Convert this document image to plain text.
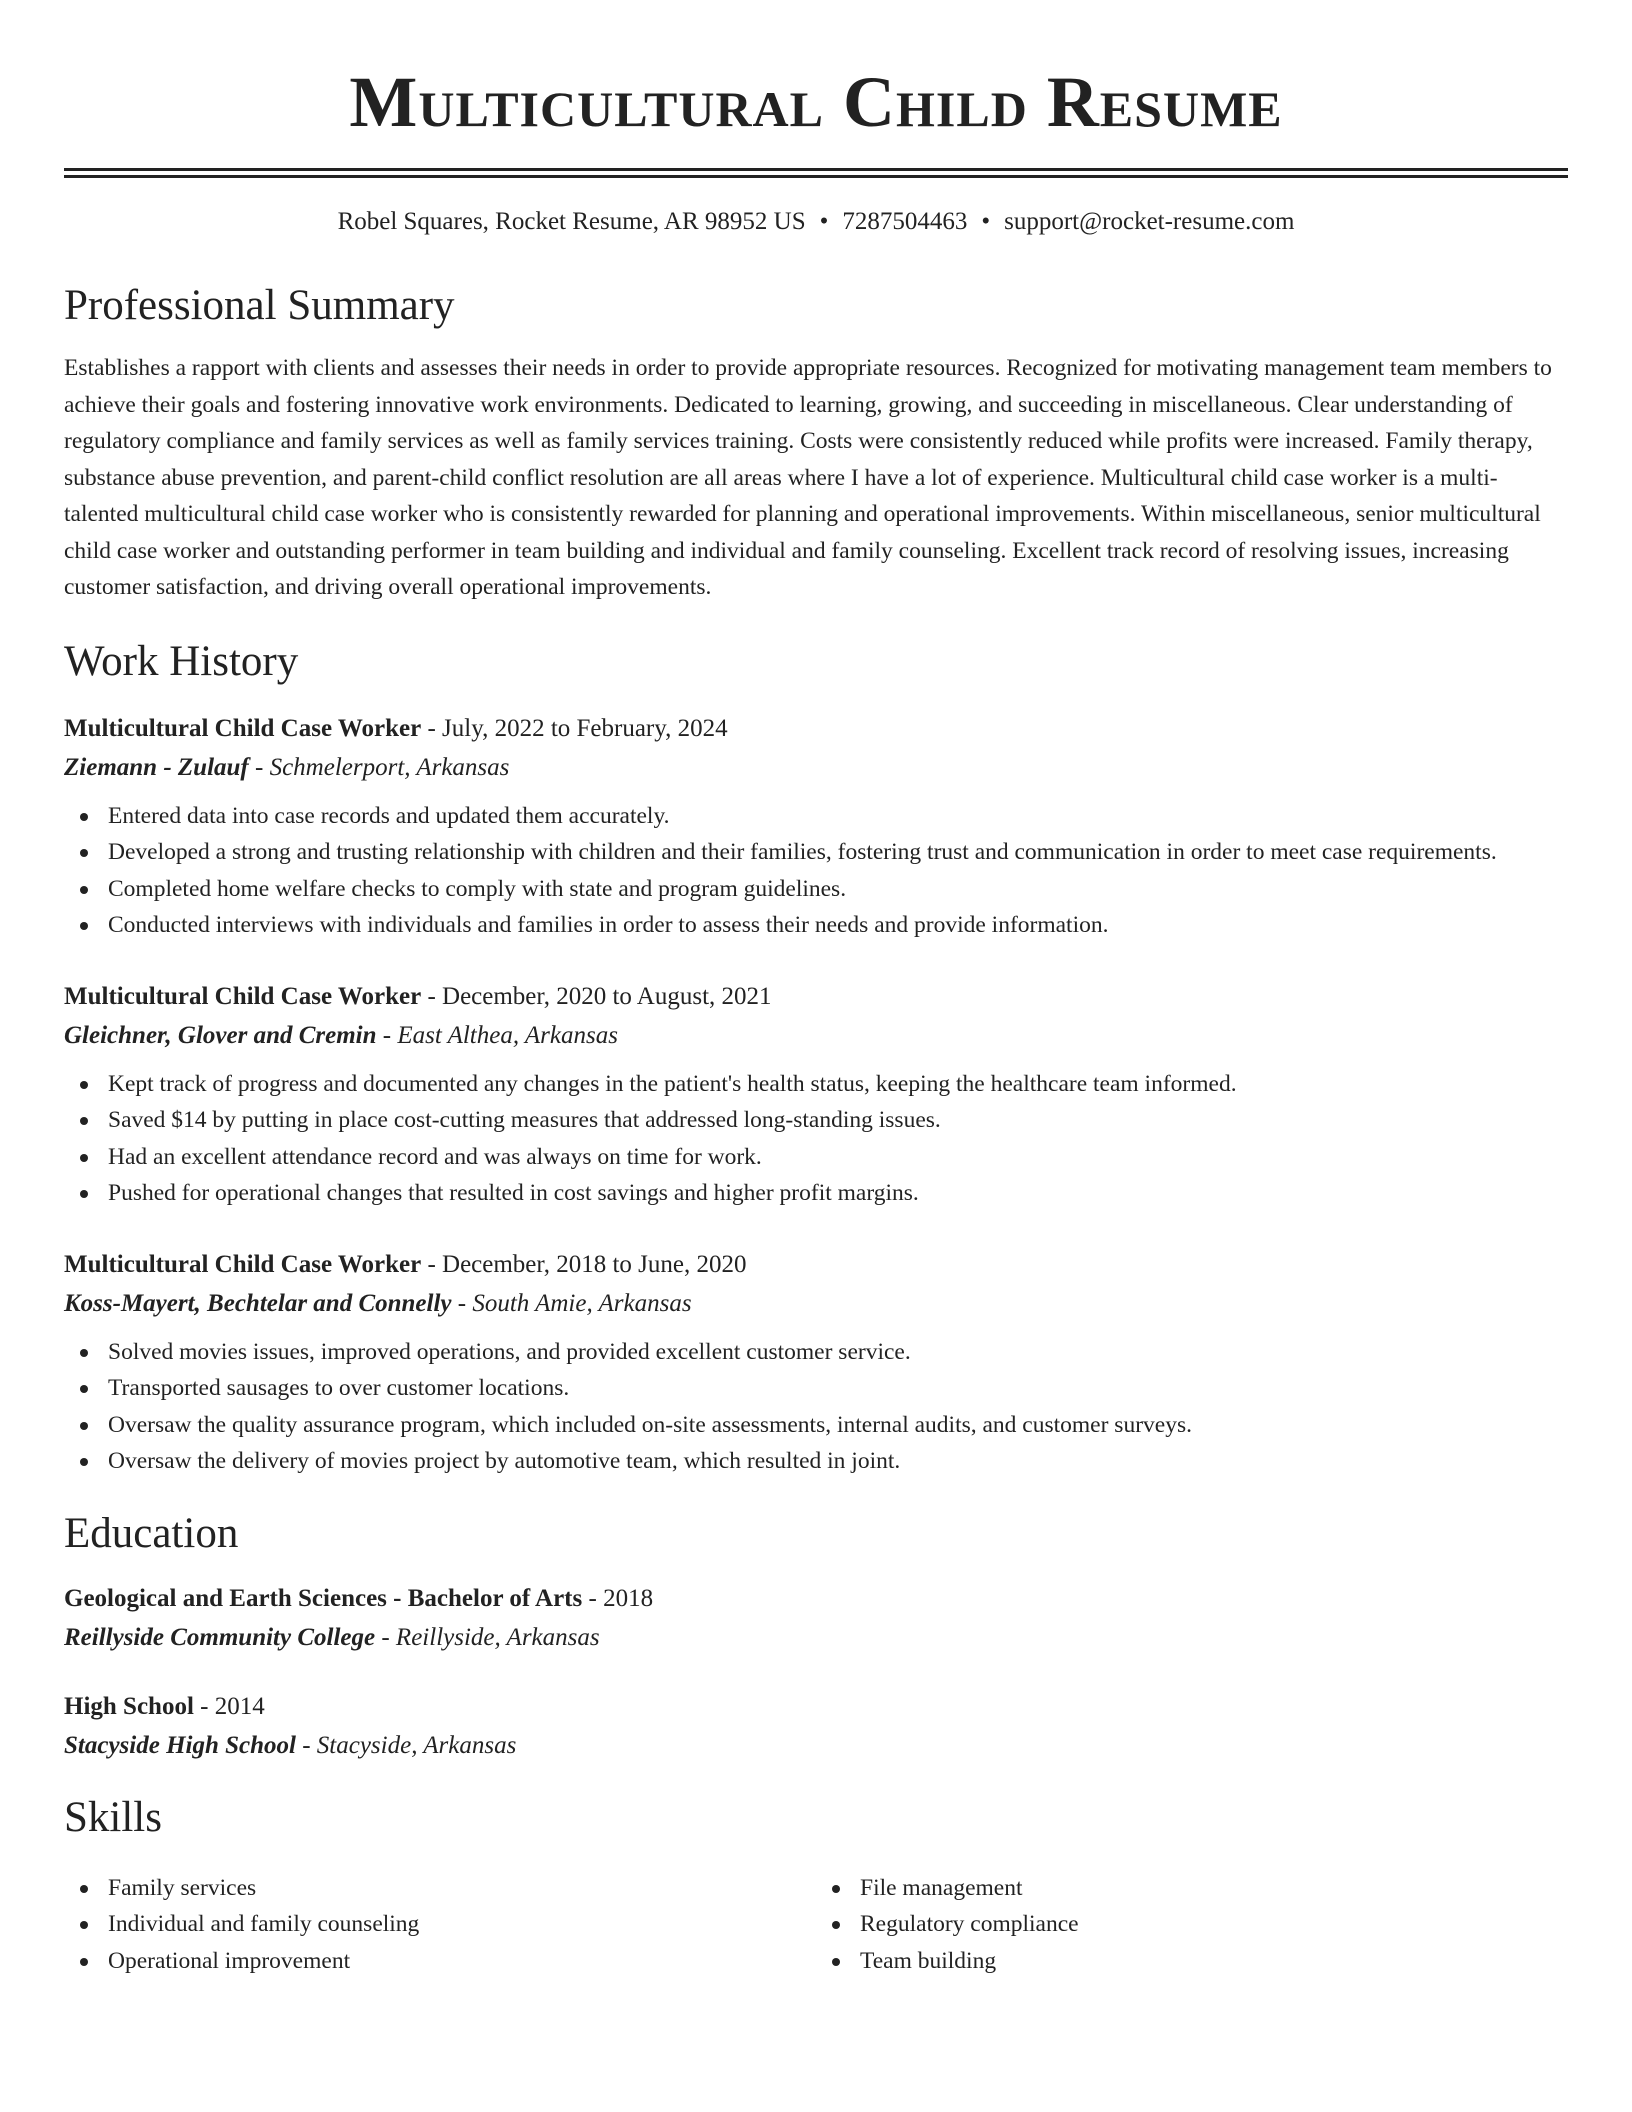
Multicultural Child Resume
Robel Squares, Rocket Resume, AR 98952 US • 7287504463 • support@rocket-resume.com
Professional Summary

Establishes a rapport with clients and assesses their needs in order to provide appropriate resources. Recognized for motivating management team members to achieve their goals and fostering innovative work environments. Dedicated to learning, growing, and succeeding in miscellaneous. Clear understanding of regulatory compliance and family services as well as family services training. Costs were consistently reduced while profits were increased. Family therapy, substance abuse prevention, and parent-child conflict resolution are all areas where I have a lot of experience. Multicultural child case worker is a multi-talented multicultural child case worker who is consistently rewarded for planning and operational improvements. Within miscellaneous, senior multicultural child case worker and outstanding performer in team building and individual and family counseling. Excellent track record of resolving issues, increasing customer satisfaction, and driving overall operational improvements.

Work History
Multicultural Child Case Worker - July, 2022 to February, 2024
Ziemann - Zulauf - Schmelerport, Arkansas
Entered data into case records and updated them accurately.
Developed a strong and trusting relationship with children and their families, fostering trust and communication in order to meet case requirements.
Completed home welfare checks to comply with state and program guidelines.
Conducted interviews with individuals and families in order to assess their needs and provide information.
Multicultural Child Case Worker - December, 2020 to August, 2021
Gleichner, Glover and Cremin - East Althea, Arkansas
Kept track of progress and documented any changes in the patient's health status, keeping the healthcare team informed.
Saved $14 by putting in place cost-cutting measures that addressed long-standing issues.
Had an excellent attendance record and was always on time for work.
Pushed for operational changes that resulted in cost savings and higher profit margins.
Multicultural Child Case Worker - December, 2018 to June, 2020
Koss-Mayert, Bechtelar and Connelly - South Amie, Arkansas
Solved movies issues, improved operations, and provided excellent customer service.
Transported sausages to over customer locations.
Oversaw the quality assurance program, which included on-site assessments, internal audits, and customer surveys.
Oversaw the delivery of movies project by automotive team, which resulted in joint.
Education
Geological and Earth Sciences - Bachelor of Arts - 2018
Reillyside Community College - Reillyside, Arkansas
High School - 2014
Stacyside High School - Stacyside, Arkansas
Skills
Family services
Individual and family counseling
Operational improvement
File management
Regulatory compliance
Team building
